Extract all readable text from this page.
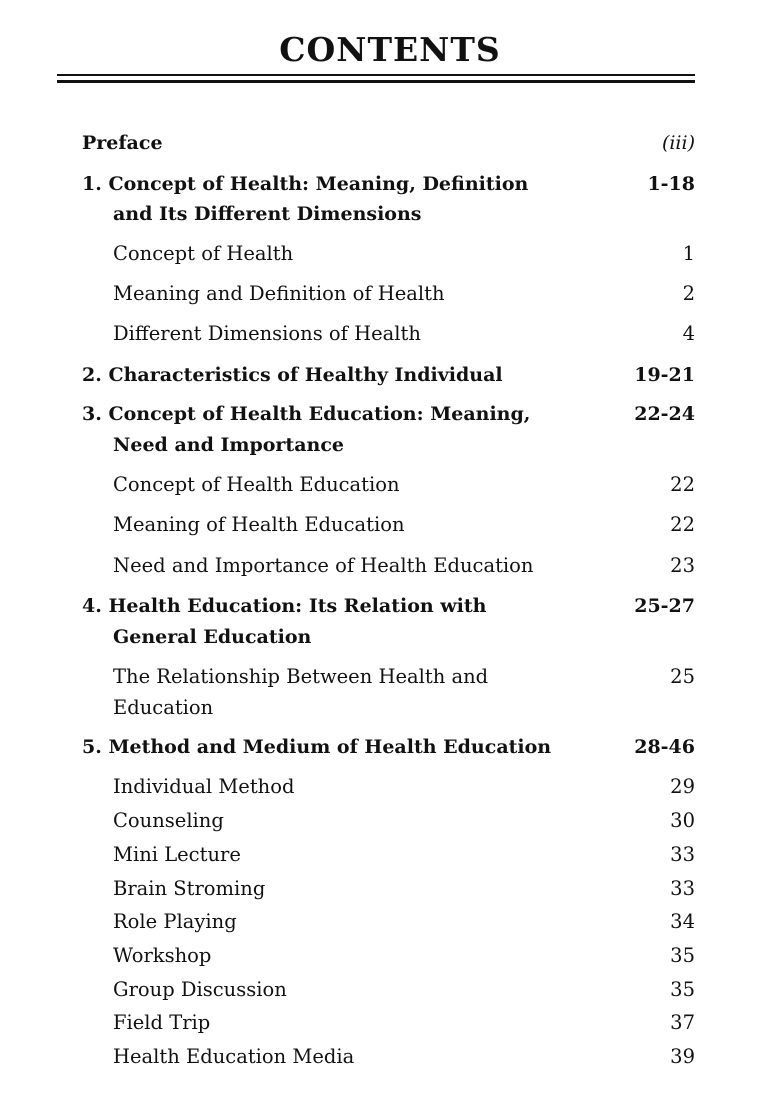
CONTENTS
Preface	(iii)
1. Concept of Health: Meaning, Definition	1-18
and Its Different Dimensions
Concept of Health	1
Meaning and Definition of Health	2
Different Dimensions of Health	4
2. Characteristics of Healthy Individual	19-21
3. Concept of Health Education: Meaning,	22-24
Need and Importance
Concept of Health Education	22
Meaning of Health Education	22
Need and Importance of Health Education	23
4. Health Education: Its Relation with	25-27
General Education
The Relationship Between Health and	25
Education
5. Method and Medium of Health Education	28-46
Individual Method	29
Counseling	30
Mini Lecture	33
Brain Stroming	33
Role Playing	34
Workshop	35
Group Discussion	35
Field Trip	37
Health Education Media	39
